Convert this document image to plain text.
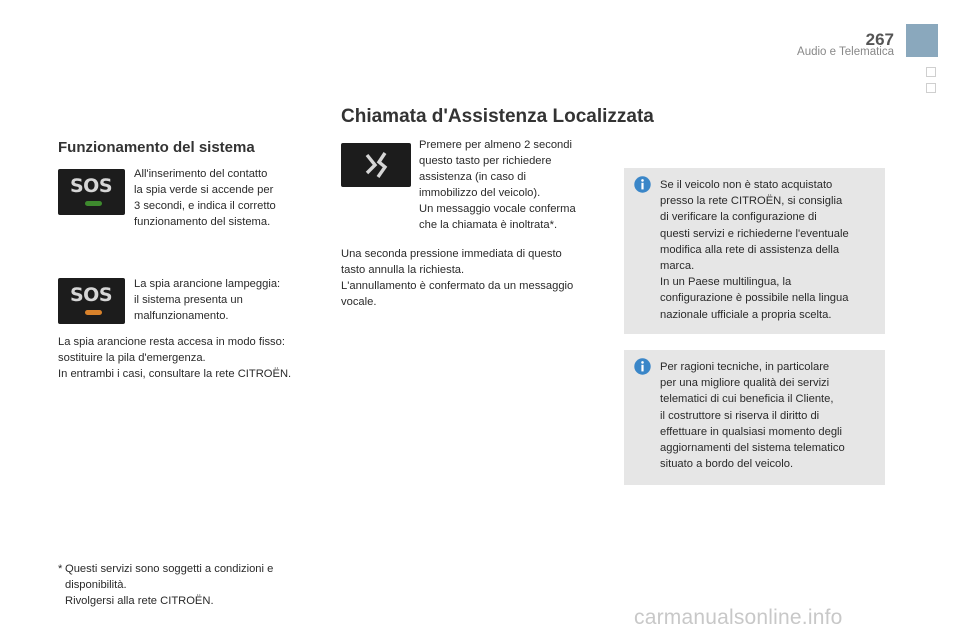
267
Audio e Telematica
Chiamata d'Assistenza Localizzata
Funzionamento del sistema
SOS
All'inserimento del contatto
la spia verde si accende per
3 secondi, e indica il corretto
funzionamento del sistema.
SOS La spia arancione lampeggia:
il sistema presenta un
malfunzionamento.
La spia arancione resta accesa in modo fisso:
sostituire la pila d'emergenza.
In entrambi i casi, consultare la rete CITROËN.
Premere per almeno 2 secondi
questo tasto per richiedere
assistenza (in caso di
immobilizzo del veicolo).
Un messaggio vocale conferma
che la chiamata è inoltrata*.
Una seconda pressione immediata di questo
tasto annulla la richiesta.
L'annullamento è confermato da un messaggio
vocale.
Se il veicolo non è stato acquistato
presso la rete CITROËN, si consiglia
di verificare la configurazione di
questi servizi e richiederne l'eventuale
modifica alla rete di assistenza della
marca.
In un Paese multilingua, la
configurazione è possibile nella lingua
nazionale ufficiale a propria scelta.
Per ragioni tecniche, in particolare
per una migliore qualità dei servizi
telematici di cui beneficia il Cliente,
il costruttore si riserva il diritto di
effettuare in qualsiasi momento degli
aggiornamenti del sistema telematico
situato a bordo del veicolo.
* Questi servizi sono soggetti a condizioni e
disponibilità.
Rivolgersi alla rete CITROËN.
carmanualsonline.info
